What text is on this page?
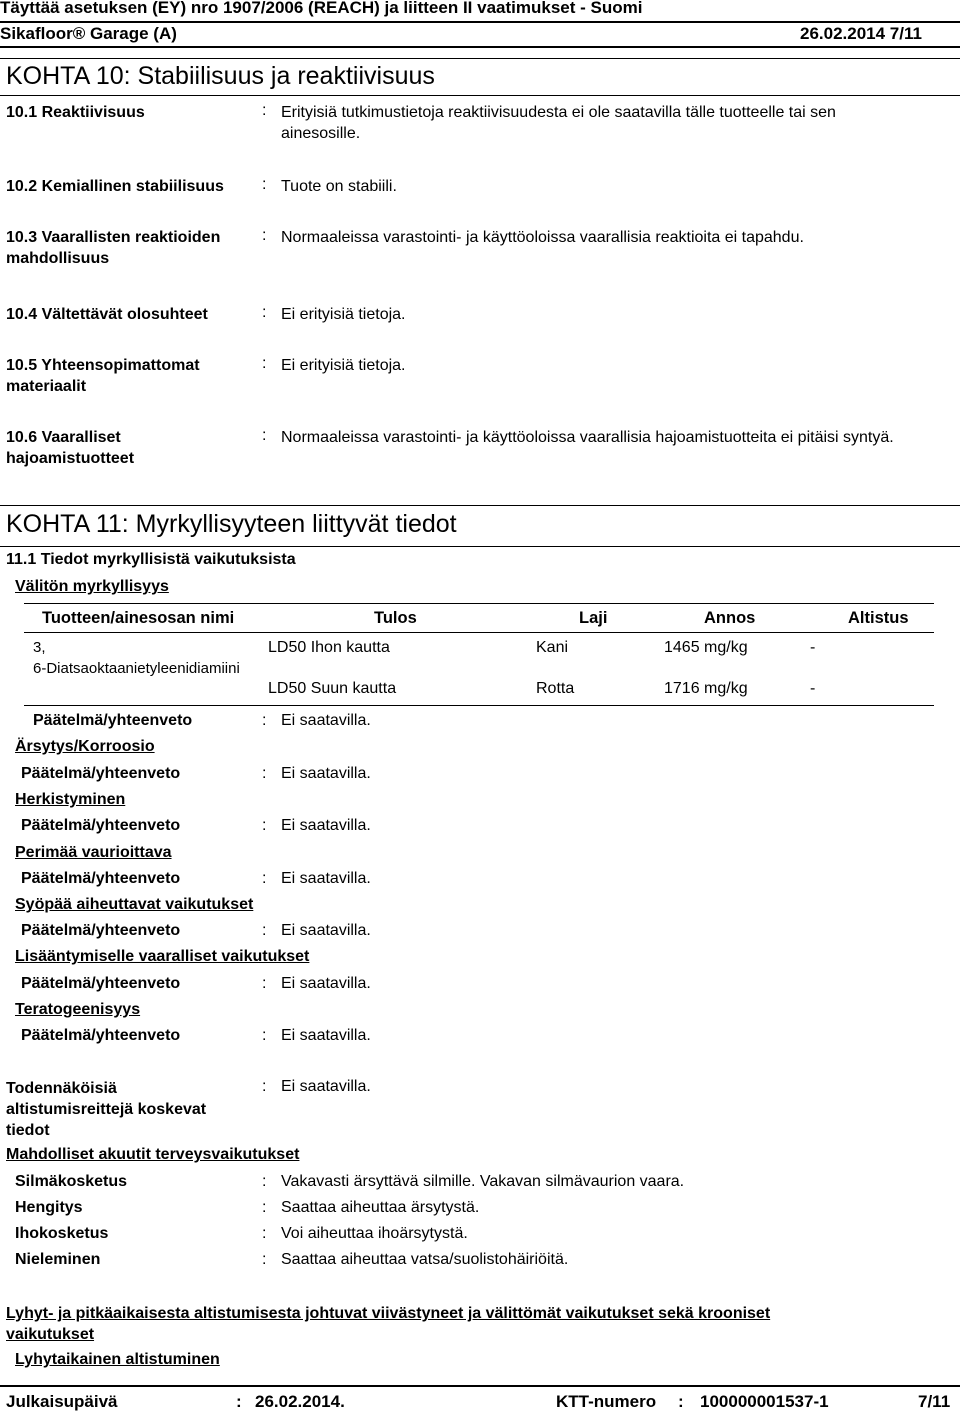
Täyttää asetuksen (EY) nro 1907/2006 (REACH) ja liitteen II vaatimukset - Suomi
Sikafloor® Garage (A)	26.02.2014 7/11
KOHTA 10: Stabiilisuus ja reaktiivisuus
10.1 Reaktiivisuus	: Erityisiä tutkimustietoja reaktiivisuudesta ei ole saatavilla tälle tuotteelle tai sen
ainesosille.
10.2 Kemiallinen stabiilisuus	: Tuote on stabiili.
10.3 Vaarallisten reaktioiden
mahdollisuus
: Normaaleissa varastointi- ja käyttöoloissa vaarallisia reaktioita ei tapahdu.
10.4 Vältettävät olosuhteet	: Ei erityisiä tietoja.
10.5 Yhteensopimattomat
materiaalit
: Ei erityisiä tietoja.
10.6 Vaaralliset
hajoamistuotteet
: Normaaleissa varastointi- ja käyttöoloissa vaarallisia hajoamistuotteita ei pitäisi syntyä.
KOHTA 11: Myrkyllisyyteen liittyvät tiedot
11.1 Tiedot myrkyllisistä vaikutuksista
Välitön myrkyllisyys
Tuotteen/ainesosan nimi	Tulos	Laji	Annos	Altistus
3,
6-Diatsaoktaanietyleenidiamiini
LD50 Ihon kautta	Kani	1465 mg/kg	-
LD50 Suun kautta	Rotta	1716 mg/kg	-
Päätelmä/yhteenveto	: Ei saatavilla.
Ärsytys/Korroosio
Päätelmä/yhteenveto	: Ei saatavilla.
Herkistyminen
Päätelmä/yhteenveto	: Ei saatavilla.
Perimää vaurioittava
Päätelmä/yhteenveto	: Ei saatavilla.
Syöpää aiheuttavat vaikutukset
Päätelmä/yhteenveto	: Ei saatavilla.
Lisääntymiselle vaaralliset vaikutukset
Päätelmä/yhteenveto	: Ei saatavilla.
Teratogeenisyys
Päätelmä/yhteenveto	: Ei saatavilla.
Todennäköisiä
altistumisreittejä koskevat
tiedot
: Ei saatavilla.
Mahdolliset akuutit terveysvaikutukset
Silmäkosketus	: Vakavasti ärsyttävä silmille. Vakavan silmävaurion vaara.
Hengitys	: Saattaa aiheuttaa ärsytystä.
Ihokosketus	: Voi aiheuttaa ihoärsytystä.
Nieleminen	: Saattaa aiheuttaa vatsa/suolistohäiriöitä.
Lyhyt- ja pitkäaikaisesta altistumisesta johtuvat viivästyneet ja välittömät vaikutukset sekä krooniset
vaikutukset
Lyhytaikainen altistuminen
Julkaisupäivä	: 26.02.2014.	KTT-numero : 100000001537-1	7/11
